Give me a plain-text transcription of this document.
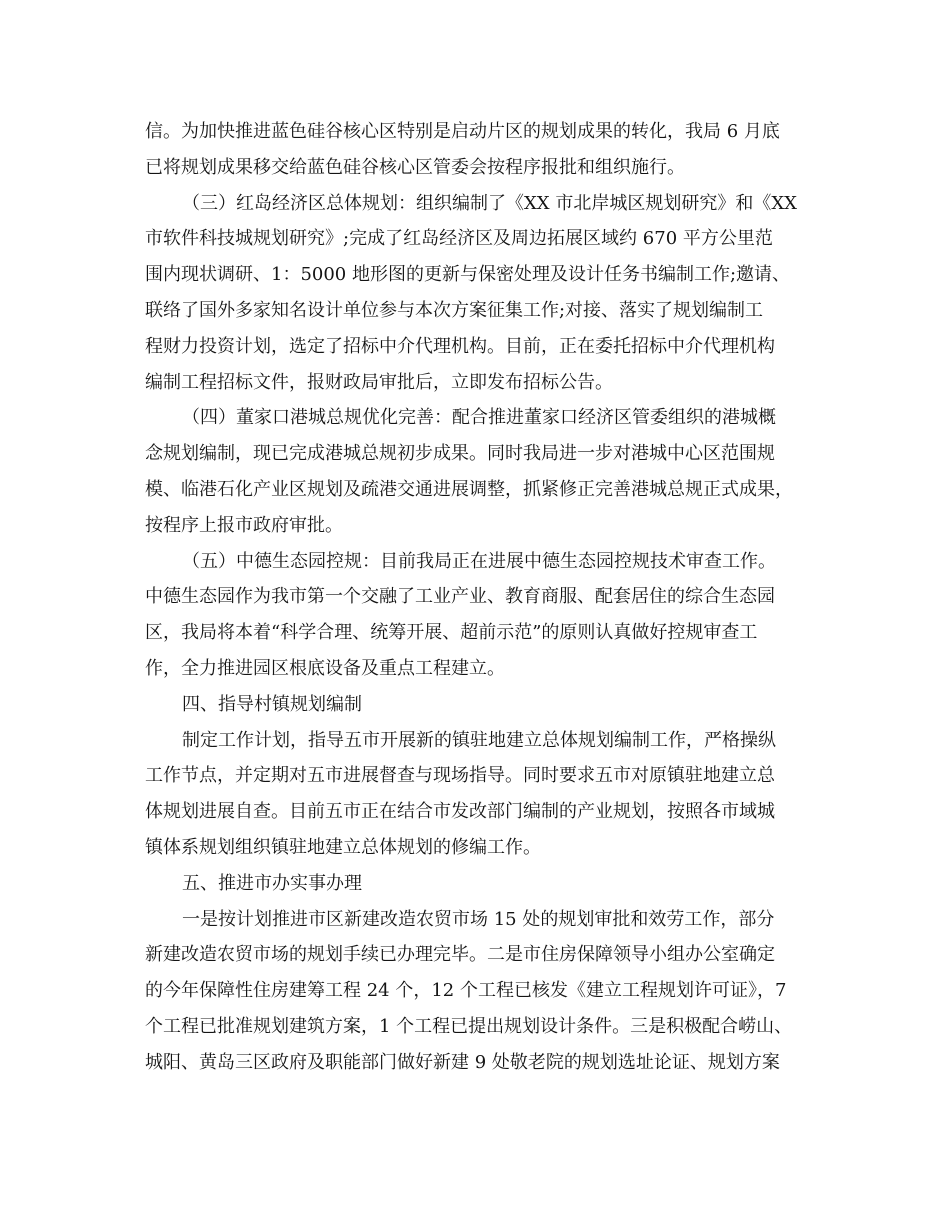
信。为加快推进蓝色硅谷核心区特别是启动片区的规划成果的转化，我局 6 月底
已将规划成果移交给蓝色硅谷核心区管委会按程序报批和组织施行。
（三）红岛经济区总体规划：组织编制了《XX 市北岸城区规划研究》和《XX
市软件科技城规划研究》;完成了红岛经济区及周边拓展区域约 670 平方公里范
围内现状调研、1：5000 地形图的更新与保密处理及设计任务书编制工作;邀请、
联络了国外多家知名设计单位参与本次方案征集工作;对接、落实了规划编制工
程财力投资计划，选定了招标中介代理机构。目前，正在委托招标中介代理机构
编制工程招标文件，报财政局审批后，立即发布招标公告。
（四）董家口港城总规优化完善：配合推进董家口经济区管委组织的港城概
念规划编制，现已完成港城总规初步成果。同时我局进一步对港城中心区范围规
模、临港石化产业区规划及疏港交通进展调整，抓紧修正完善港城总规正式成果，
按程序上报市政府审批。
（五）中德生态园控规：目前我局正在进展中德生态园控规技术审查工作。
中德生态园作为我市第一个交融了工业产业、教育商服、配套居住的综合生态园
区，我局将本着“科学合理、统筹开展、超前示范”的原则认真做好控规审查工
作，全力推进园区根底设备及重点工程建立。
四、指导村镇规划编制
制定工作计划，指导五市开展新的镇驻地建立总体规划编制工作，严格操纵
工作节点，并定期对五市进展督查与现场指导。同时要求五市对原镇驻地建立总
体规划进展自查。目前五市正在结合市发改部门编制的产业规划，按照各市域城
镇体系规划组织镇驻地建立总体规划的修编工作。
五、推进市办实事办理
一是按计划推进市区新建改造农贸市场 15 处的规划审批和效劳工作，部分
新建改造农贸市场的规划手续已办理完毕。二是市住房保障领导小组办公室确定
的今年保障性住房建筹工程 24 个，12 个工程已核发《建立工程规划许可证》，7
个工程已批准规划建筑方案，1 个工程已提出规划设计条件。三是积极配合崂山、
城阳、黄岛三区政府及职能部门做好新建 9 处敬老院的规划选址论证、规划方案
